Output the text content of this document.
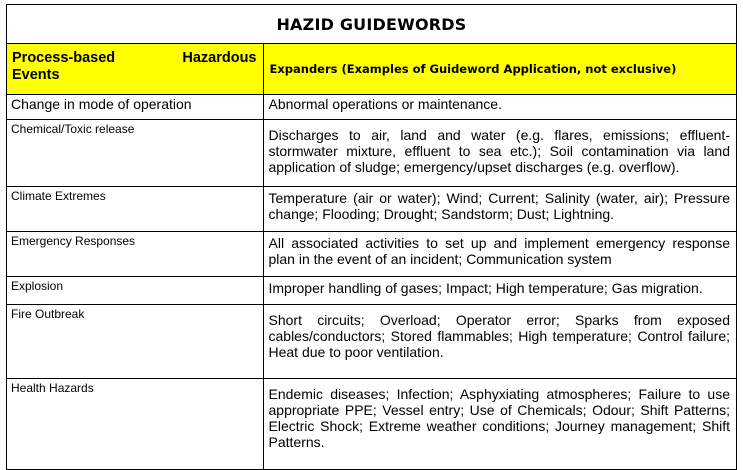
HAZID GUIDEWORDS
Process-based Hazardous
Events	Expanders (Examples of Guideword Application, not exclusive)
Change in mode of operation	Abnormal operations or maintenance.
Chemical/Toxic release	Discharges to air, land and water (e.g. flares, emissions; effluent-stormwater mixture, effluent to sea etc.); Soil contamination via land application of sludge; emergency/upset discharges (e.g. overflow).
Climate Extremes	Temperature (air or water); Wind; Current; Salinity (water, air); Pressure change; Flooding; Drought; Sandstorm; Dust; Lightning.
Emergency Responses	All associated activities to set up and implement emergency response plan in the event of an incident; Communication system
Explosion	Improper handling of gases; Impact; High temperature; Gas migration.
Fire Outbreak	Short circuits; Overload; Operator error; Sparks from exposed cables/conductors; Stored flammables; High temperature; Control failure; Heat due to poor ventilation.
Health Hazards	Endemic diseases; Infection; Asphyxiating atmospheres; Failure to use appropriate PPE; Vessel entry; Use of Chemicals; Odour; Shift Patterns; Electric Shock; Extreme weather conditions; Journey management; Shift Patterns.
